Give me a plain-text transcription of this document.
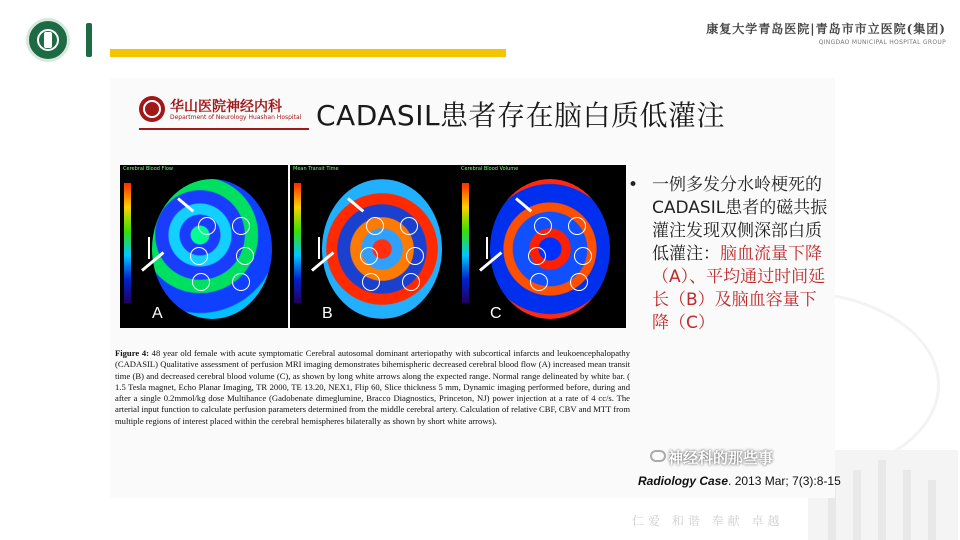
康复大学青岛医院|青岛市市立医院(集团)
QINGDAO MUNICIPAL HOSPITAL GROUP
华山医院神经内科
Department of Neurology Huashan Hospital CADASIL患者存在脑白质低灌注
Cerebral Blood Flow
A
Mean Transit Time
B
Cerebral Blood Volume
C
• 一例多发分水岭梗死的CADASIL患者的磁共振灌注发现双侧深部白质低灌注：脑血流量下降（A）、平均通过时间延长（B）及脑血容量下降（C）
Figure 4: 48 year old female with acute symptomatic Cerebral autosomal dominant arteriopathy with subcortical infarcts and leukoencephalopathy (CADASIL) Qualitative assessment of perfusion MRI imaging demonstrates bihemispheric decreased cerebral blood flow (A) increased mean transit time (B) and decreased cerebral blood volume (C), as shown by long white arrows along the expected range. Normal range delineated by white bar. ( 1.5 Tesla magnet, Echo Planar Imaging, TR 2000, TE 13.20, NEX1, Flip 60, Slice thickness 5 mm, Dynamic imaging performed before, during and after a single 0.2mmol/kg dose Multihance (Gadobenate dimeglumine, Bracco Diagnostics, Princeton, NJ) power injection at a rate of 4 cc/s. The arterial input function to calculate perfusion parameters determined from the middle cerebral artery. Calculation of relative CBF, CBV and MTT from multiple regions of interest placed within the cerebral hemispheres bilaterally as shown by short white arrows).
神经科的那些事
Radiology Case. 2013 Mar; 7(3):8-15
仁爱 和谐 奉献 卓越
